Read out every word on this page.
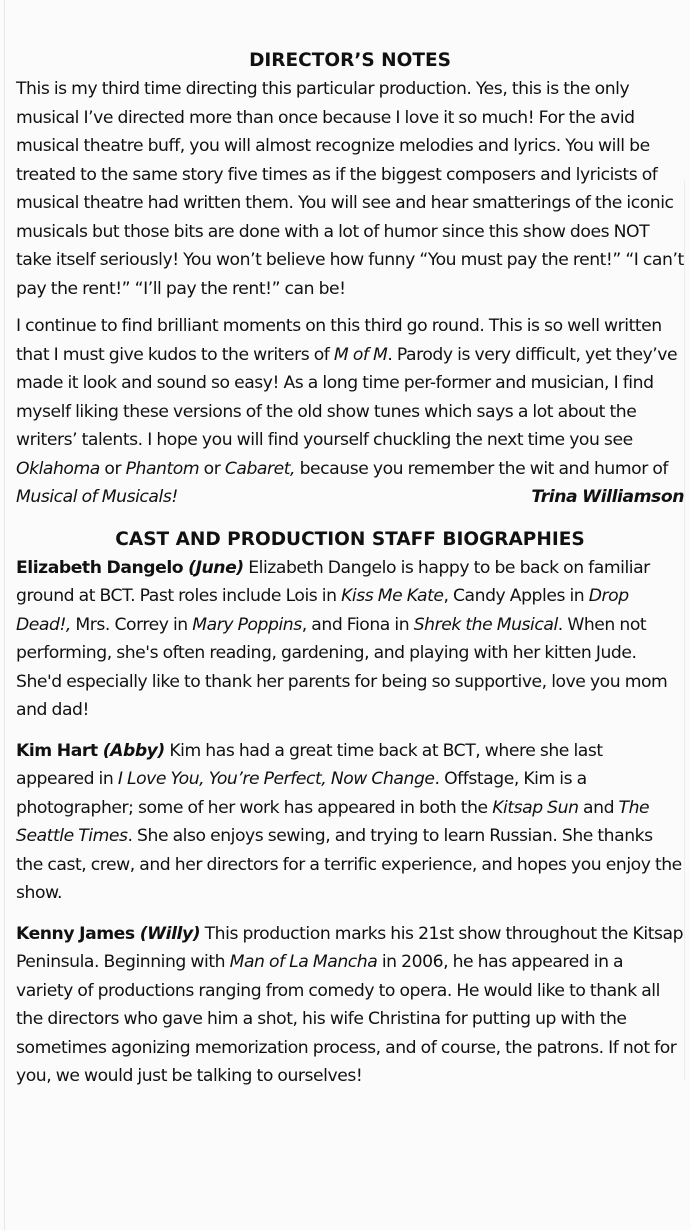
DIRECTOR’S NOTES

This is my third time directing this particular production. Yes, this is the only musical I’ve directed more than once because I love it so much! For the avid musical theatre buff, you will almost recognize melodies and lyrics. You will be treated to the same story five times as if the biggest composers and lyricists of musical theatre had written them. You will see and hear smatterings of the iconic musicals but those bits are done with a lot of humor since this show does NOT take itself seriously! You won’t believe how funny “You must pay the rent!” “I can’t pay the rent!” “I’ll pay the rent!” can be!

I continue to find brilliant moments on this third go round. This is so well written that I must give kudos to the writers of M of M. Parody is very difficult, yet they’ve made it look and sound so easy! As a long time per-former and musician, I find myself liking these versions of the old show tunes which says a lot about the writers’ talents. I hope you will find yourself chuckling the next time you see Oklahoma or Phantom or Cabaret, because you remember the wit and humor of Musical of Musicals!	Trina Williamson

CAST AND PRODUCTION STAFF BIOGRAPHIES

Elizabeth Dangelo (June) Elizabeth Dangelo is happy to be back on familiar ground at BCT. Past roles include Lois in Kiss Me Kate, Candy Apples in Drop Dead!, Mrs. Correy in Mary Poppins, and Fiona in Shrek the Musical. When not performing, she's often reading, gardening, and playing with her kitten Jude. She'd especially like to thank her parents for being so supportive, love you mom and dad!

Kim Hart (Abby) Kim has had a great time back at BCT, where she last appeared in I Love You, You’re Perfect, Now Change. Offstage, Kim is a photographer; some of her work has appeared in both the Kitsap Sun and The Seattle Times. She also enjoys sewing, and trying to learn Russian. She thanks the cast, crew, and her directors for a terrific experience, and hopes you enjoy the show.

Kenny James (Willy) This production marks his 21st show throughout the Kitsap Peninsula. Beginning with Man of La Mancha in 2006, he has appeared in a variety of productions ranging from comedy to opera. He would like to thank all the directors who gave him a shot, his wife Christina for putting up with the sometimes agonizing memorization process, and of course, the patrons. If not for you, we would just be talking to ourselves!
